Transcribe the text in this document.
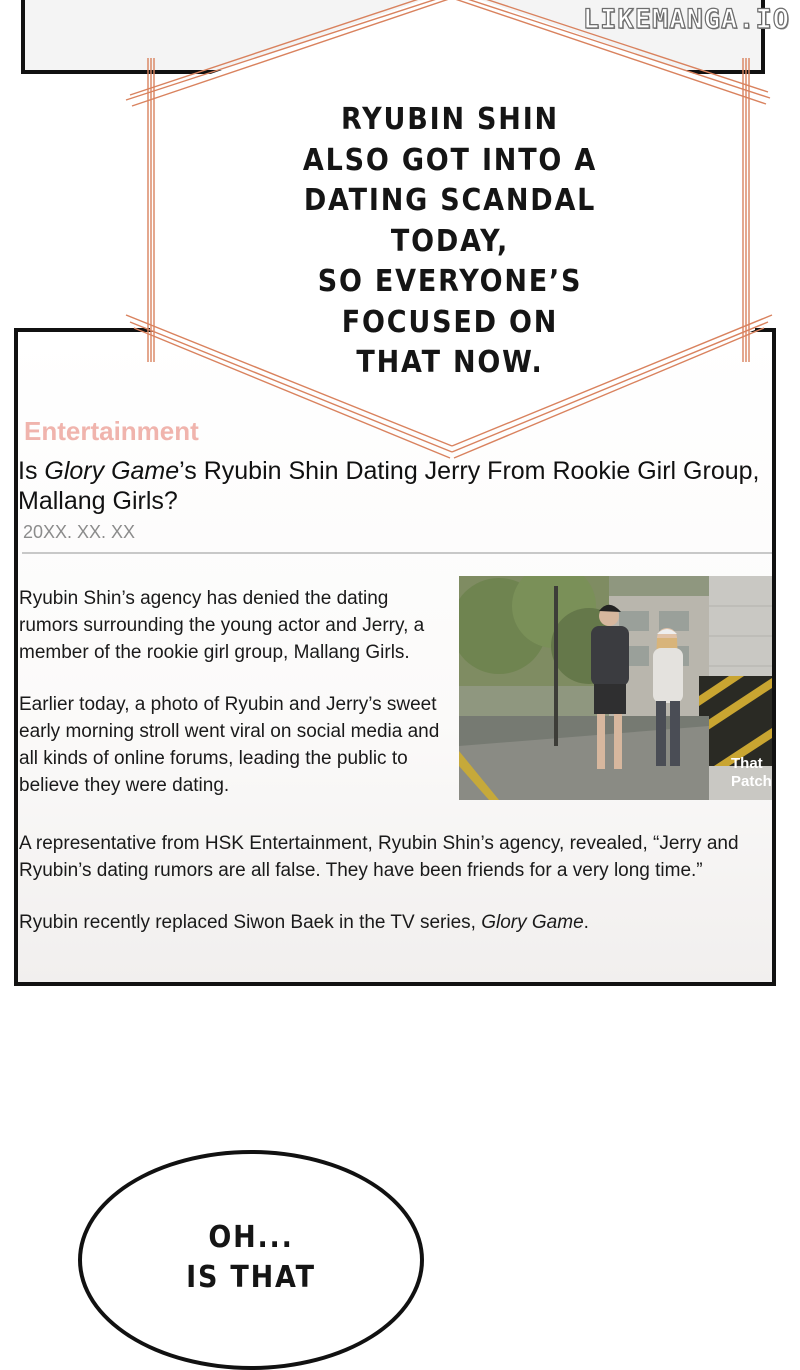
LIKEMANGA.IO
Entertainment
Is Glory Game’s Ryubin Shin Dating Jerry From Rookie Girl Group, Mallang Girls?
20XX. XX. XX

Ryubin Shin’s agency has denied the dating rumors surrounding the young actor and Jerry, a member of the rookie girl group, Mallang Girls.

Earlier today, a photo of Ryubin and Jerry’s sweet early morning stroll went viral on social media and all kinds of online forums, leading the public to believe they were dating.

That
Patch

A representative from HSK Entertainment, Ryubin Shin’s agency, revealed, “Jerry and Ryubin’s dating rumors are all false. They have been friends for a very long time.”

Ryubin recently replaced Siwon Baek in the TV series, Glory Game.

RYUBIN SHIN
ALSO GOT INTO A
DATING SCANDAL TODAY,
SO EVERYONE’S
FOCUSED ON
THAT NOW.
OH...
IS THAT
